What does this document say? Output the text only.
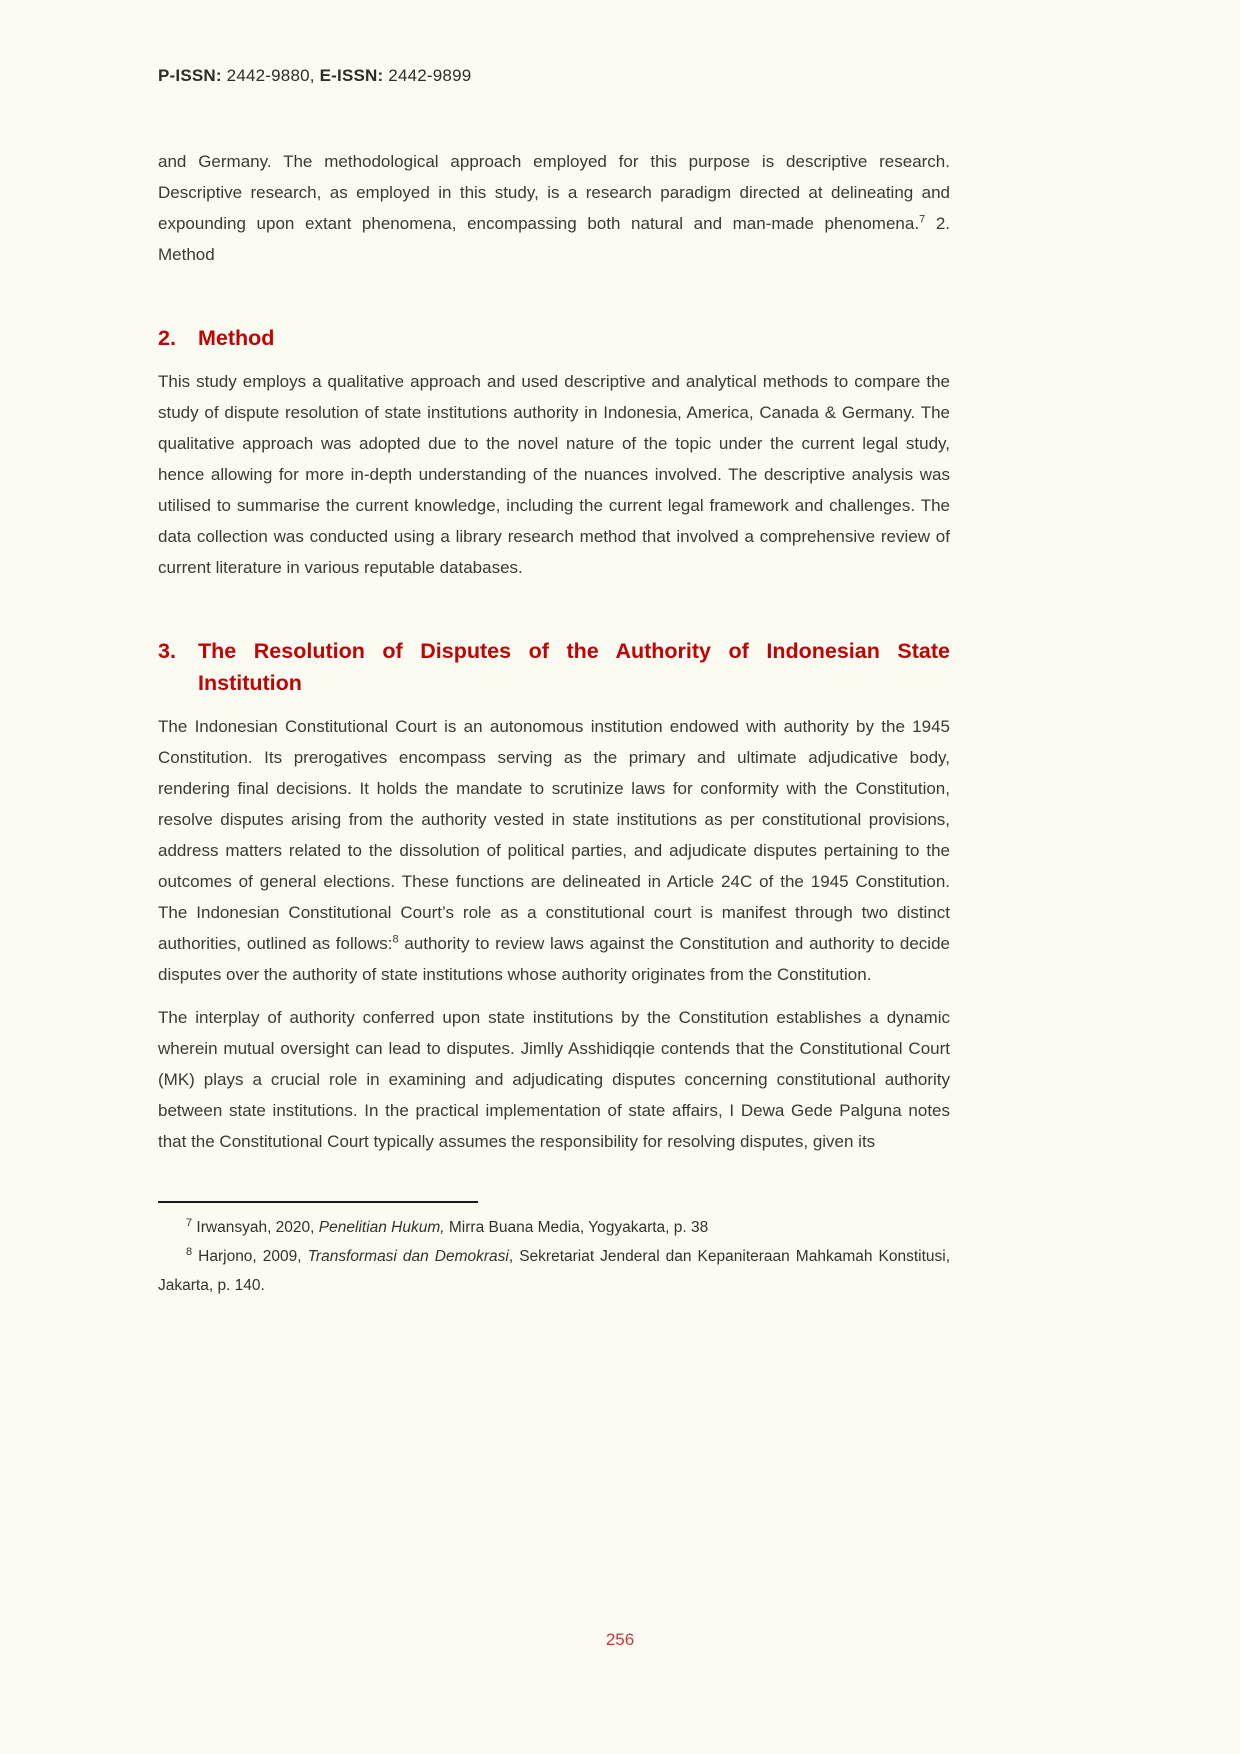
P-ISSN: 2442-9880, E-ISSN: 2442-9899

and Germany. The methodological approach employed for this purpose is descriptive research. Descriptive research, as employed in this study, is a research paradigm directed at delineating and expounding upon extant phenomena, encompassing both natural and man-made phenomena.$^7$ 2. Method

2.	Method

This study employs a qualitative approach and used descriptive and analytical methods to compare the study of dispute resolution of state institutions authority in Indonesia, America, Canada & Germany. The qualitative approach was adopted due to the novel nature of the topic under the current legal study, hence allowing for more in-depth understanding of the nuances involved. The descriptive analysis was utilised to summarise the current knowledge, including the current legal framework and challenges. The data collection was conducted using a library research method that involved a comprehensive review of current literature in various reputable databases.

3.	The Resolution of Disputes of the Authority of Indonesian State Institution

The Indonesian Constitutional Court is an autonomous institution endowed with authority by the 1945 Constitution. Its prerogatives encompass serving as the primary and ultimate adjudicative body, rendering final decisions. It holds the mandate to scrutinize laws for conformity with the Constitution, resolve disputes arising from the authority vested in state institutions as per constitutional provisions, address matters related to the dissolution of political parties, and adjudicate disputes pertaining to the outcomes of general elections. These functions are delineated in Article 24C of the 1945 Constitution. The Indonesian Constitutional Court’s role as a constitutional court is manifest through two distinct authorities, outlined as follows:$^8$ authority to review laws against the Constitution and authority to decide disputes over the authority of state institutions whose authority originates from the Constitution.

The interplay of authority conferred upon state institutions by the Constitution establishes a dynamic wherein mutual oversight can lead to disputes. Jimlly Asshidiqqie contends that the Constitutional Court (MK) plays a crucial role in examining and adjudicating disputes concerning constitutional authority between state institutions. In the practical implementation of state affairs, I Dewa Gede Palguna notes that the Constitutional Court typically assumes the responsibility for resolving disputes, given its

$^7$ Irwansyah, 2020, Penelitian Hukum, Mirra Buana Media, Yogyakarta, p. 38

$^8$ Harjono, 2009, Transformasi dan Demokrasi, Sekretariat Jenderal dan Kepaniteraan Mahkamah Konstitusi, Jakarta, p. 140.

256
